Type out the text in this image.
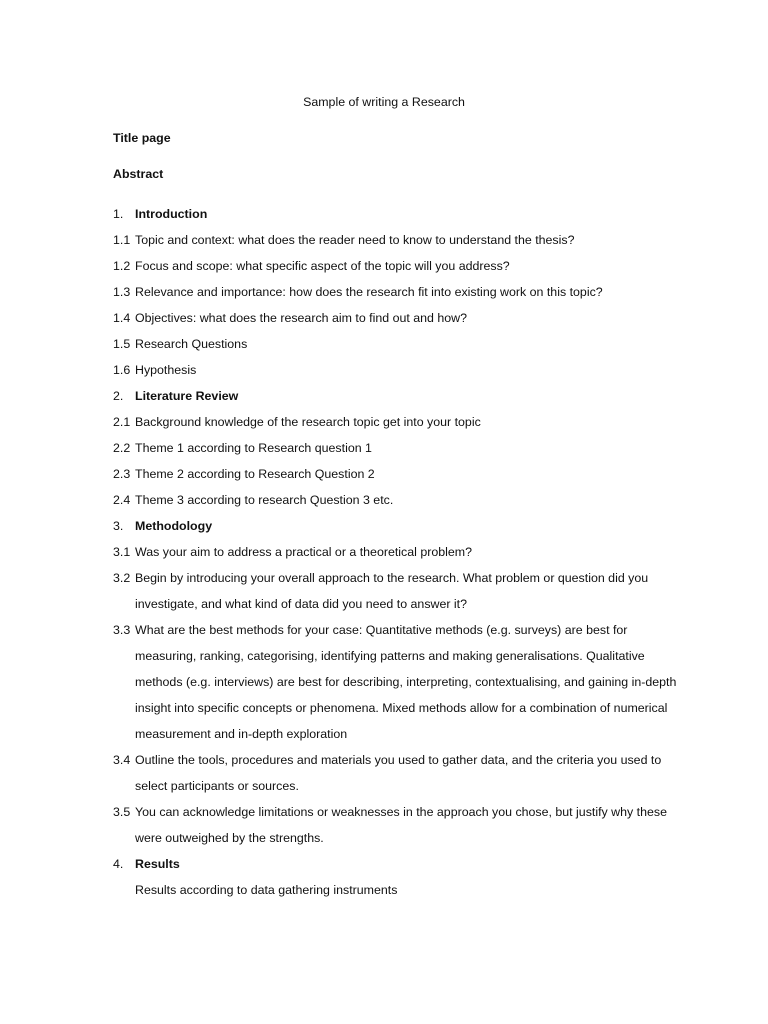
Sample of writing a Research
Title page
Abstract
1. Introduction
1.1 Topic and context: what does the reader need to know to understand the thesis?
1.2 Focus and scope: what specific aspect of the topic will you address?
1.3 Relevance and importance: how does the research fit into existing work on this topic?
1.4 Objectives: what does the research aim to find out and how?
1.5 Research Questions
1.6 Hypothesis
2. Literature Review
2.1 Background knowledge of the research topic get into your topic
2.2 Theme 1 according to Research question 1
2.3 Theme 2 according to Research Question 2
2.4 Theme 3 according to research Question 3 etc.
3. Methodology
3.1 Was your aim to address a practical or a theoretical problem?
3.2 Begin by introducing your overall approach to the research. What problem or question did you investigate, and what kind of data did you need to answer it?
3.3 What are the best methods for your case: Quantitative methods (e.g. surveys) are best for measuring, ranking, categorising, identifying patterns and making generalisations. Qualitative methods (e.g. interviews) are best for describing, interpreting, contextualising, and gaining in-depth insight into specific concepts or phenomena. Mixed methods allow for a combination of numerical measurement and in-depth exploration
3.4 Outline the tools, procedures and materials you used to gather data, and the criteria you used to select participants or sources.
3.5 You can acknowledge limitations or weaknesses in the approach you chose, but justify why these were outweighed by the strengths.
4. Results
Results according to data gathering instruments
